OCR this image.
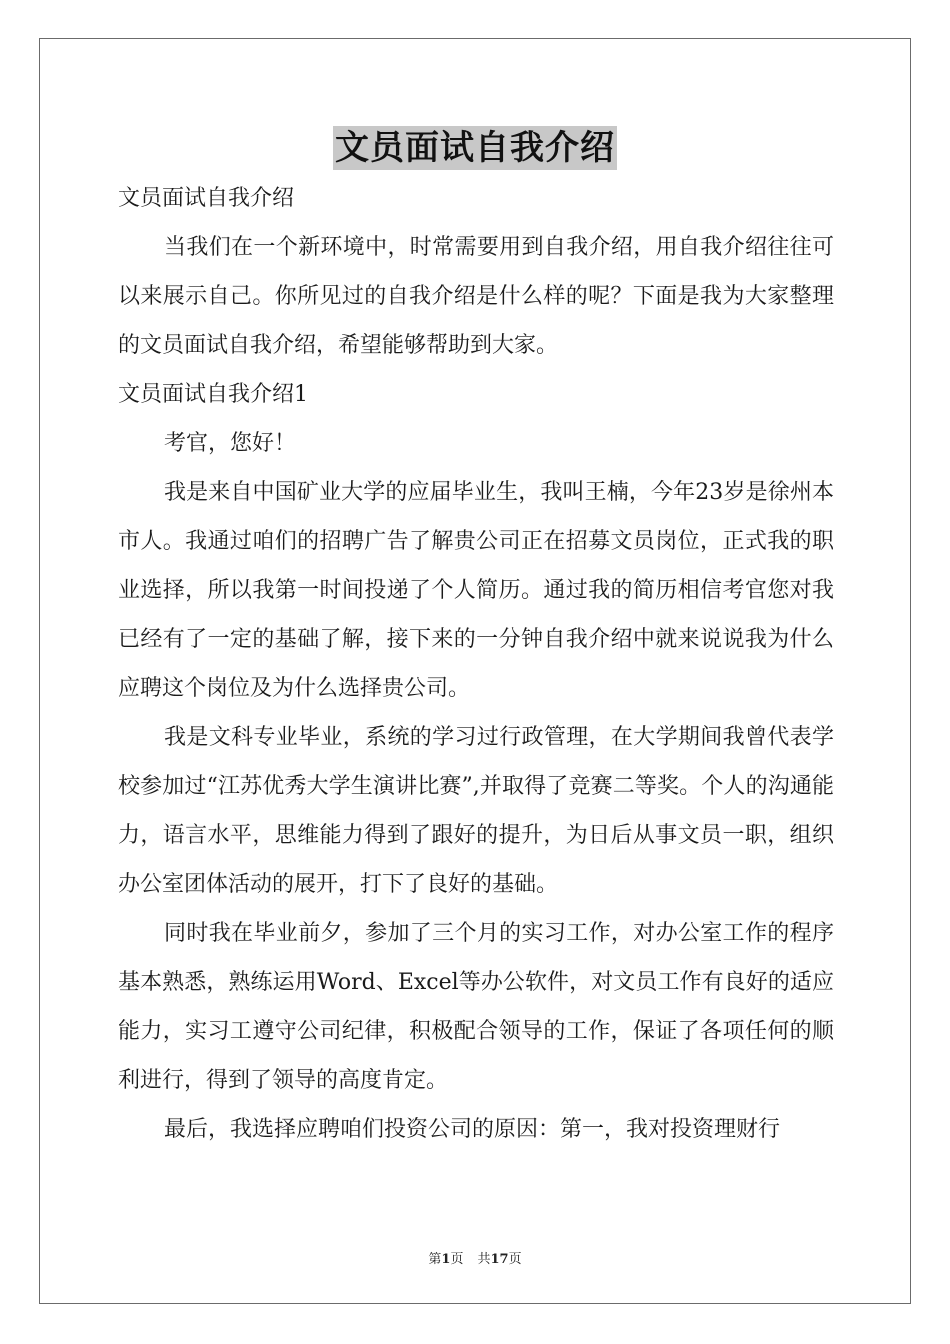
文员面试自我介绍

文员面试自我介绍

当我们在一个新环境中，时常需要用到自我介绍，用自我介绍往往可以来展示自己。你所见过的自我介绍是什么样的呢？下面是我为大家整理的文员面试自我介绍，希望能够帮助到大家。

文员面试自我介绍1

考官，您好！

我是来自中国矿业大学的应届毕业生，我叫王楠，今年23岁是徐州本市人。我通过咱们的招聘广告了解贵公司正在招募文员岗位，正式我的职业选择，所以我第一时间投递了个人简历。通过我的简历相信考官您对我已经有了一定的基础了解，接下来的一分钟自我介绍中就来说说我为什么应聘这个岗位及为什么选择贵公司。

我是文科专业毕业，系统的学习过行政管理，在大学期间我曾代表学校参加过“江苏优秀大学生演讲比赛”,并取得了竞赛二等奖。个人的沟通能力，语言水平，思维能力得到了跟好的提升，为日后从事文员一职，组织办公室团体活动的展开，打下了良好的基础。

同时我在毕业前夕，参加了三个月的实习工作，对办公室工作的程序基本熟悉，熟练运用Word、Excel等办公软件，对文员工作有良好的适应能力，实习工遵守公司纪律，积极配合领导的工作，保证了各项任何的顺利进行，得到了领导的高度肯定。

最后，我选择应聘咱们投资公司的原因：第一，我对投资理财行

第1页 共17页
